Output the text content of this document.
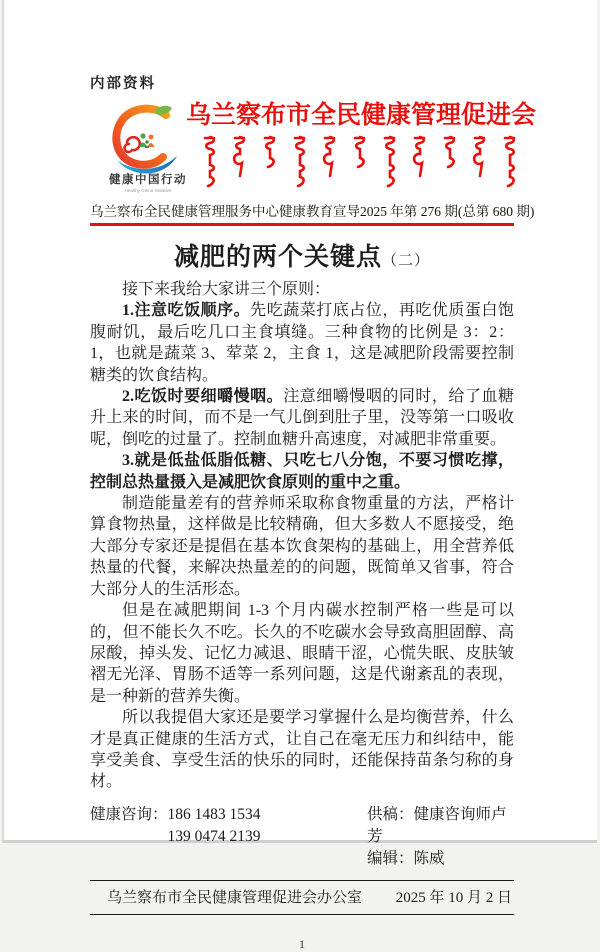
内部资料
健康中国行动
Healthy China Initiative
乌兰察布市全民健康管理促进会
乌兰察布全民健康管理服务中心健康教育宣导 2025 年第 276 期(总第 680 期)
减肥的两个关键点（二）

接下来我给大家讲三个原则：

1.注意吃饭顺序。先吃蔬菜打底占位，再吃优质蛋白饱腹耐饥，最后吃几口主食填缝。三种食物的比例是 3：2：1，也就是蔬菜 3、荤菜 2，主食 1，这是减肥阶段需要控制糖类的饮食结构。

2.吃饭时要细嚼慢咽。注意细嚼慢咽的同时，给了血糖升上来的时间，而不是一气儿倒到肚子里，没等第一口吸收呢，倒吃的过量了。控制血糖升高速度，对减肥非常重要。

3.就是低盐低脂低糖、只吃七八分饱，不要习惯吃撑，控制总热量摄入是减肥饮食原则的重中之重。

制造能量差有的营养师采取称食物重量的方法，严格计算食物热量，这样做是比较精确，但大多数人不愿接受，绝大部分专家还是提倡在基本饮食架构的基础上，用全营养低热量的代餐，来解决热量差的的问题，既简单又省事，符合大部分人的生活形态。

但是在减肥期间 1-3 个月内碳水控制严格一些是可以的，但不能长久不吃。长久的不吃碳水会导致高胆固醇、高尿酸，掉头发、记忆力减退、眼睛干涩，心慌失眠、皮肤皱褶无光泽、胃肠不适等一系列问题，这是代谢紊乱的表现，是一种新的营养失衡。

所以我提倡大家还是要学习掌握什么是均衡营养，什么才是真正健康的生活方式，让自己在毫无压力和纠结中，能享受美食、享受生活的快乐的同时，还能保持苗条匀称的身材。

健康咨询：186 1483 1534
139 0474 2139
供稿：健康咨询师卢芳
编辑：陈威
乌兰察布市全民健康管理促进会办公室 2025 年 10 月 2 日
1
